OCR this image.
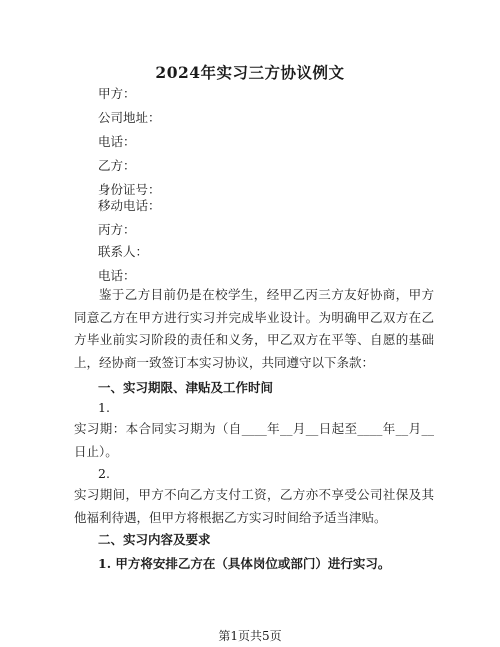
2024年实习三方协议例文
甲方：
公司地址：
电话：
乙方：
身份证号：
移动电话：
丙方：
联系人：
电话：
鉴于乙方目前仍是在校学生，经甲乙丙三方友好协商，甲方同意乙方在甲方进行实习并完成毕业设计。为明确甲乙双方在乙方毕业前实习阶段的责任和义务，甲乙双方在平等、自愿的基础上，经协商一致签订本实习协议，共同遵守以下条款：
一、实习期限、津贴及工作时间
1.
实习期：本合同实习期为（自____年__月__日起至____年__月__日止）。
2.
实习期间，甲方不向乙方支付工资，乙方亦不享受公司社保及其他福利待遇，但甲方将根据乙方实习时间给予适当津贴。
二、实习内容及要求
1. 甲方将安排乙方在（具体岗位或部门）进行实习。
第1页共5页
